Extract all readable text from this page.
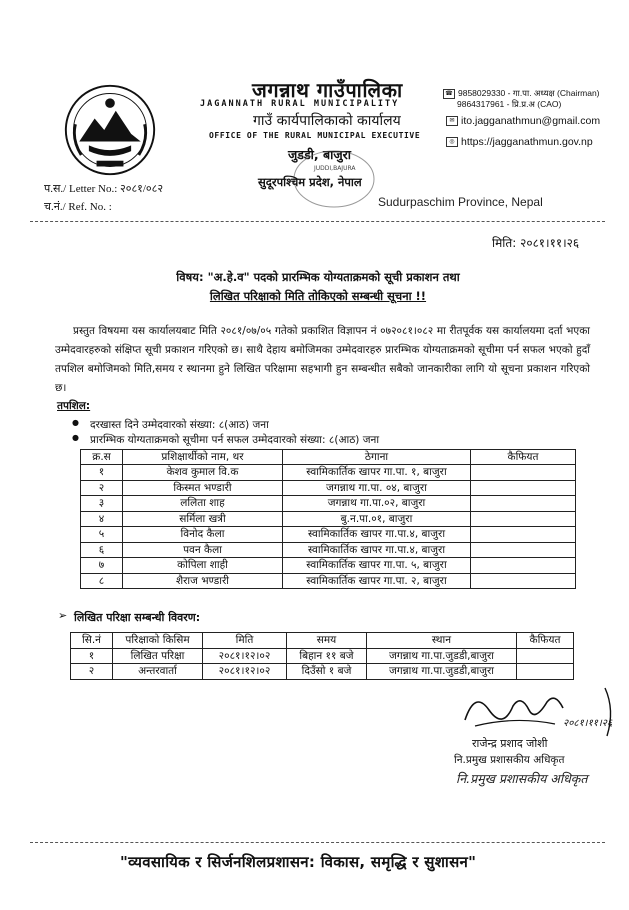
जगन्नाथ गाउँपालिका
JAGANNATH RURAL MUNICIPALITY
गाउँ कार्यपालिकाको कार्यालय
OFFICE OF THE RURAL MUNICIPAL EXECUTIVE
जुडडी, बाजुरा
JUDDI,BAJURA
सुदूरपश्चिम प्रदेश, नेपाल
Sudurpaschim Province, Nepal
☎ 9858029330 - गा.पा. अध्यक्ष (Chairman)
9864317961 - प्रि.प्र.अ (CAO)
✉ ito.jagganathmun@gmail.com
◎ https://jagganathmun.gov.np
प.स./ Letter No.: २०८१/०८२
च.नं./ Ref. No. :
मिति: २०८१।११।२६
विषय: "अ.हे.व" पदको प्रारम्भिक योग्यताक्रमको सूची प्रकाशन तथा
लिखित परिक्षाको मिति तोकिएको सम्बन्धी सूचना !!
प्रस्तुत विषयमा यस कार्यालयबाट मिति २०८१/०७/०५ गतेको प्रकाशित विज्ञापन नं ०७२०८१।०८२ मा रीतपूर्वक यस कार्यालयमा दर्ता भएका उम्मेदवारहरुको संक्षिप्त सूची प्रकाशन गरिएको छ। साथै देहाय बमोजिमका उम्मेदवारहरु प्रारम्भिक योग्यताक्रमको सूचीमा पर्न सफल भएको हुदाँ तपशिल बमोजिमको मिति,समय र स्थानमा हुने लिखित परिक्षामा सहभागी हुन सम्बन्धीत सबैको जानकारीका लागि यो सूचना प्रकाशन गरिएको छ।
तपशिल:
● दरखास्त दिने उम्मेदवारको संख्या: ८(आठ) जना
● प्रारम्भिक योग्यताक्रमको सूचीमा पर्न सफल उम्मेदवारको संख्या: ८(आठ) जना
क्र.स	प्रशिक्षार्थीको नाम, थर	ठेगाना	कैफियत
१	केशव कुमाल वि.क	स्वामिकार्तिक खापर गा.पा. १, बाजुरा	
२	किस्मत भण्डारी	जगन्नाथ गा.पा. ०४, बाजुरा	
३	ललिता शाह	जगन्नाथ गा.पा.०२, बाजुरा	
४	सर्मिला खत्री	बु.न.पा.०१, बाजुरा	
५	विनोद कैला	स्वामिकार्तिक खापर गा.पा.४, बाजुरा	
६	पवन कैला	स्वामिकार्तिक खापर गा.पा.४, बाजुरा	
७	कोपिला शाही	स्वामिकार्तिक खापर गा.पा. ५, बाजुरा	
८	शैराज भण्डारी	स्वामिकार्तिक खापर गा.पा. २, बाजुरा	
➢ लिखित परिक्षा सम्बन्धी विवरण:
सि.नं	परिक्षाको किसिम	मिति	समय	स्थान	कैफियत
१	लिखित परिक्षा	२०८१।१२।०२	बिहान ११ बजे	जगन्नाथ गा.पा.जुडडी,बाजुरा	
२	अन्तरवार्ता	२०८१।१२।०२	दिउँसो १ बजे	जगन्नाथ गा.पा.जुडडी,बाजुरा	
२०८१।११।२६
राजेन्द्र प्रशाद जोशी
नि.प्रमुख प्रशासकीय अधिकृत
नि.प्रमुख प्रशासकीय अधिकृत
"व्यवसायिक र सिर्जनशिलप्रशासन: विकास, समृद्धि र सुशासन"
